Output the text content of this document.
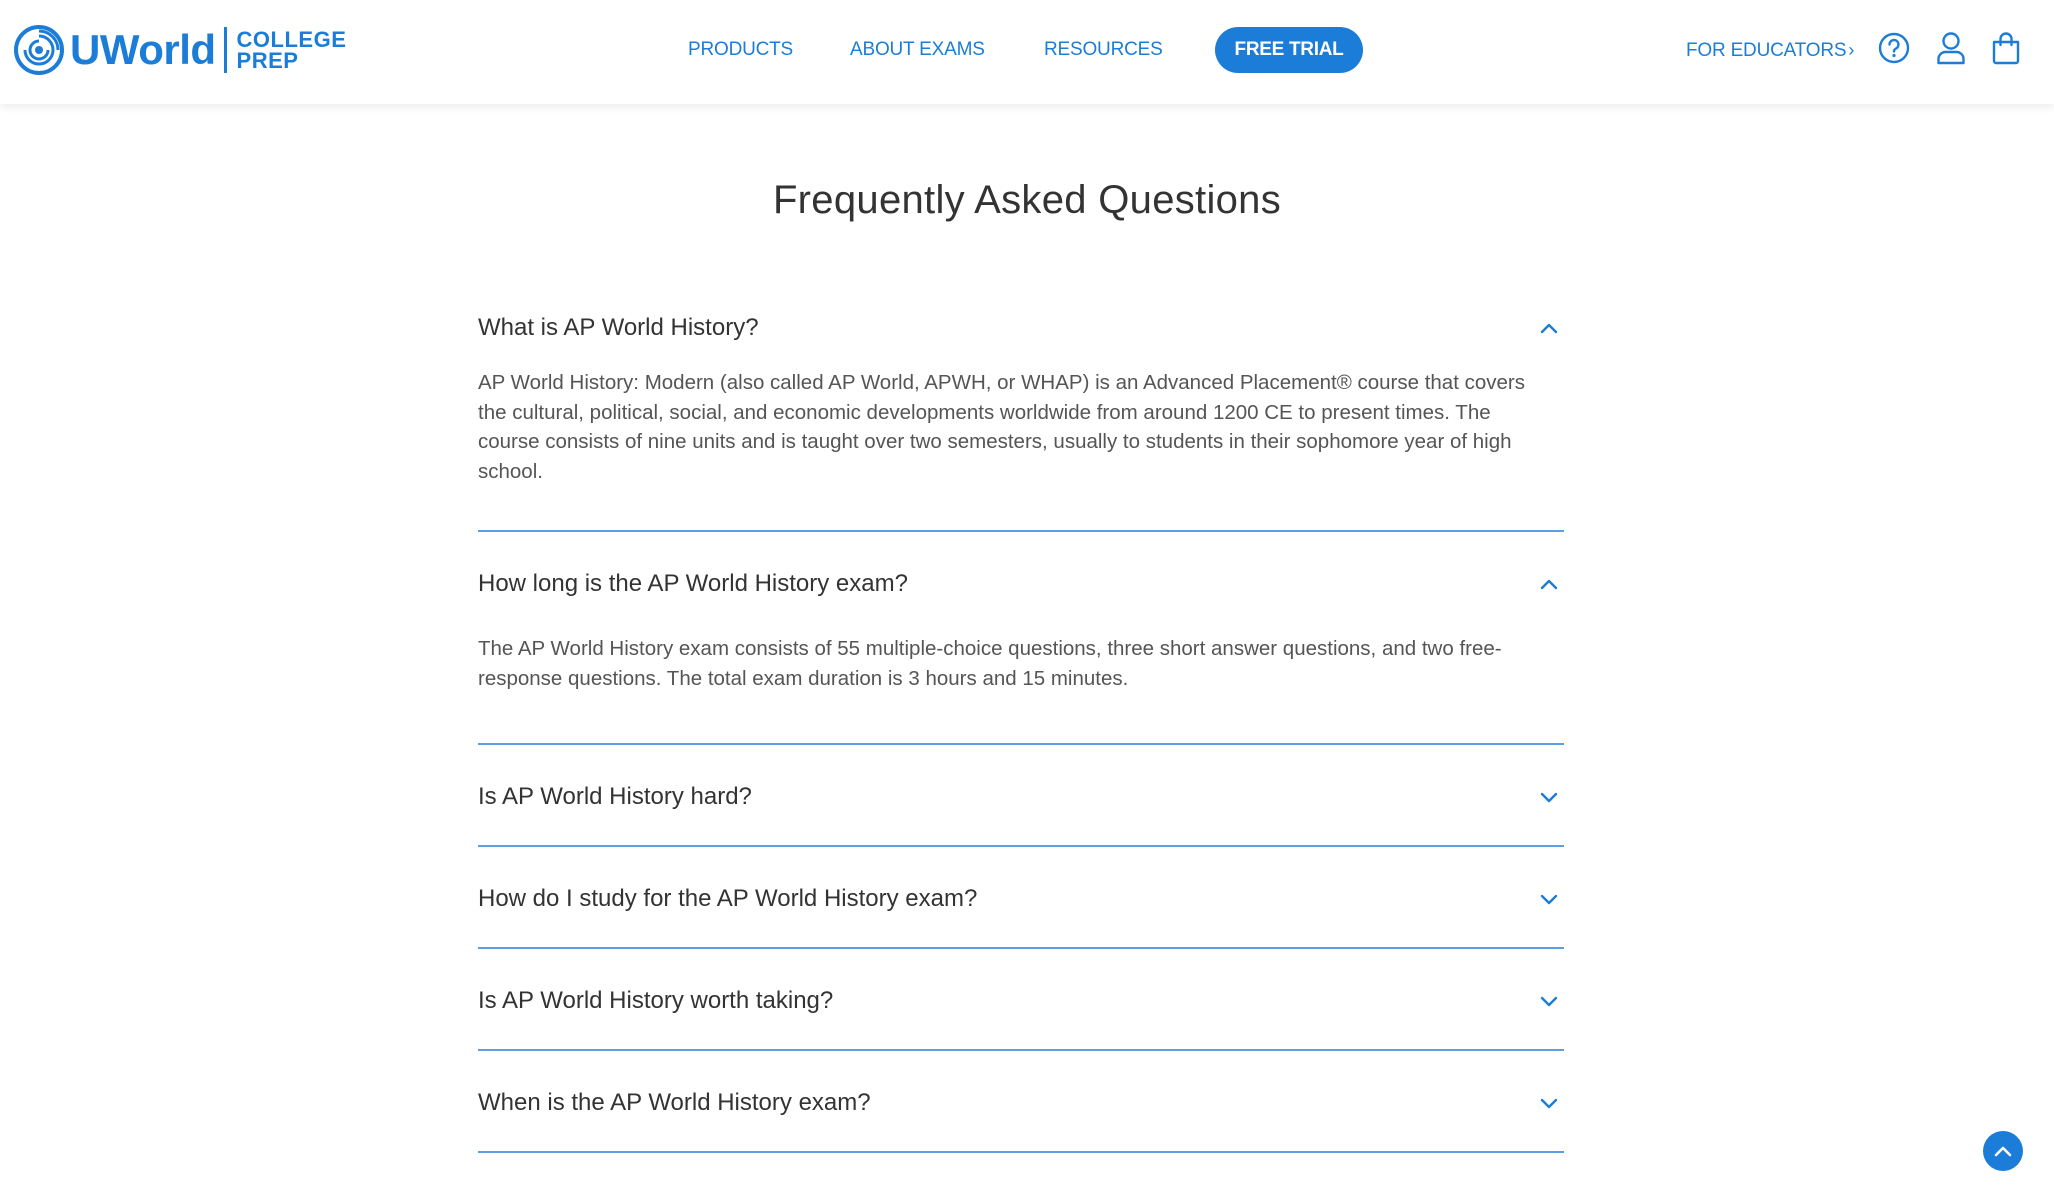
UWorld COLLEGE
PREP	PRODUCTS	ABOUT EXAMS	RESOURCES	FREE TRIAL	FOR EDUCATORS ›
Frequently Asked Questions
What is AP World History?

AP World History: Modern (also called AP World, APWH, or WHAP) is an Advanced Placement® course that covers the cultural, political, social, and economic developments worldwide from around 1200 CE to present times. The course consists of nine units and is taught over two semesters, usually to students in their sophomore year of high school.

How long is the AP World History exam?

The AP World History exam consists of 55 multiple-choice questions, three short answer questions, and two free-response questions. The total exam duration is 3 hours and 15 minutes.

Is AP World History hard?
How do I study for the AP World History exam?
Is AP World History worth taking?
When is the AP World History exam?
